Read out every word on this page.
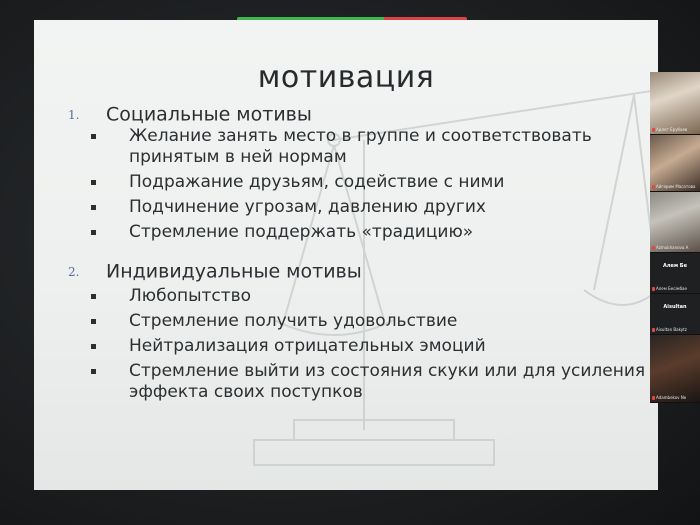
мотивация
1. Социальные мотивы
Желание занять место в группе и соответствовать принятым в ней нормам
Подражание друзьям, содействие с ними
Подчинение угрозам, давлению других
Стремление поддержать «традицию»
2. Индивидуальные мотивы
Любопытство
Стремление получить удовольствие
Нейтрализация отрицательных эмоций
Стремление выйти из состояния скуки или для усиления эффекта своих поступков
Адлет Ерубаев
Айгерим Масатова
Azmukhanova A
Алем Бе
Алем Бесімбае
Aisultan
Aisultan Bakytz
Adambekov Ne
